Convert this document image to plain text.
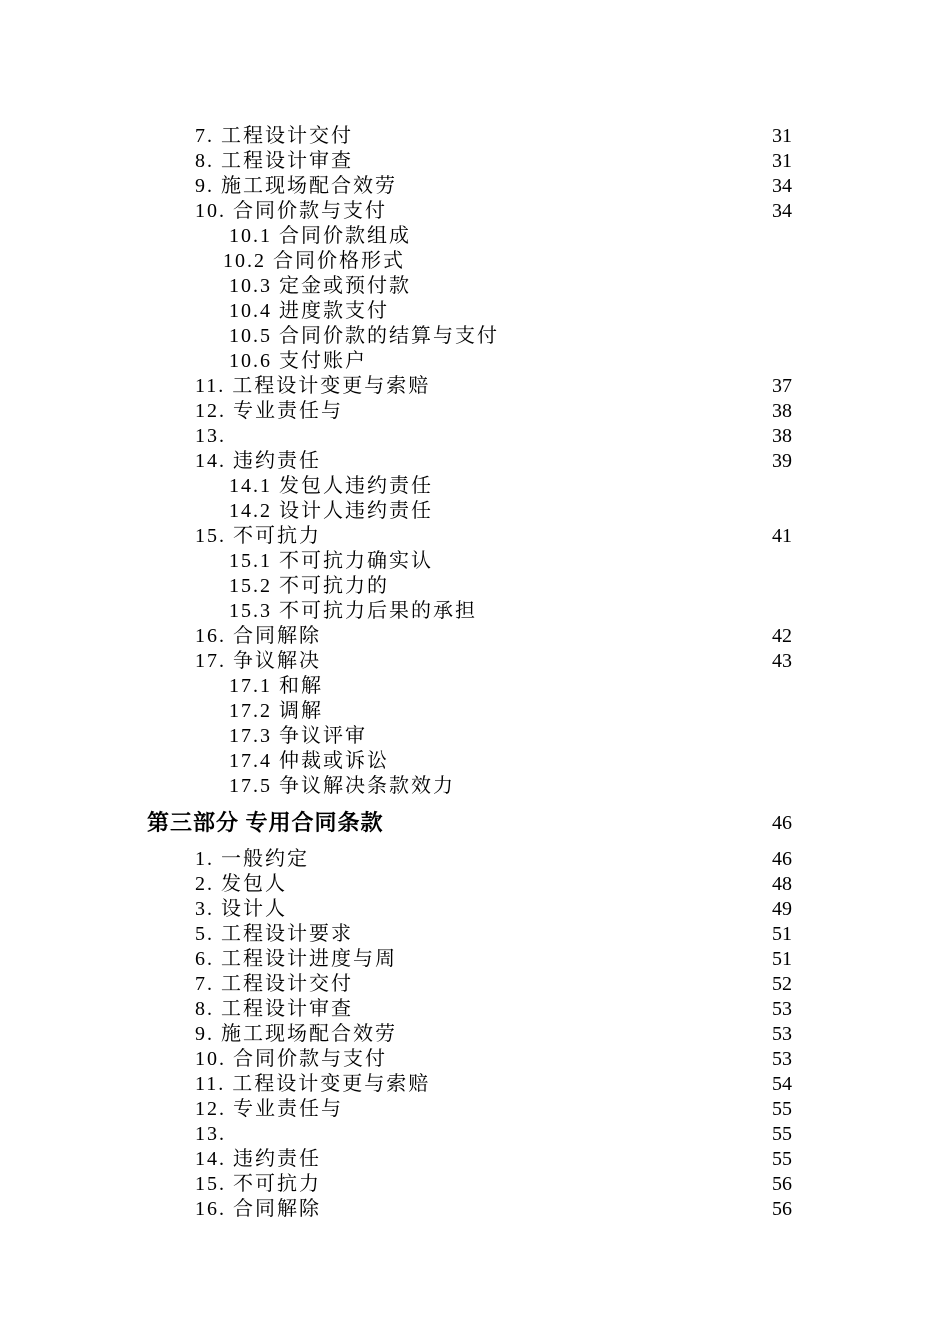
7. 工程设计交付	31
8. 工程设计审查	31
9. 施工现场配合效劳	34
10. 合同价款与支付	34
10.1 合同价款组成
10.2 合同价格形式
10.3 定金或预付款
10.4 进度款支付
10.5 合同价款的结算与支付
10.6 支付账户
11. 工程设计变更与索赔	37
12. 专业责任与	38
13.	38
14. 违约责任	39
14.1 发包人违约责任
14.2 设计人违约责任
15. 不可抗力	41
15.1 不可抗力确实认
15.2 不可抗力的
15.3 不可抗力后果的承担
16. 合同解除	42
17. 争议解决	43
17.1 和解
17.2 调解
17.3 争议评审
17.4 仲裁或诉讼
17.5 争议解决条款效力
第三部分 专用合同条款	46
1. 一般约定	46
2. 发包人	48
3. 设计人	49
5. 工程设计要求	51
6. 工程设计进度与周	51
7. 工程设计交付	52
8. 工程设计审查	53
9. 施工现场配合效劳	53
10. 合同价款与支付	53
11. 工程设计变更与索赔	54
12. 专业责任与	55
13.	55
14. 违约责任	55
15. 不可抗力	56
16. 合同解除	56
